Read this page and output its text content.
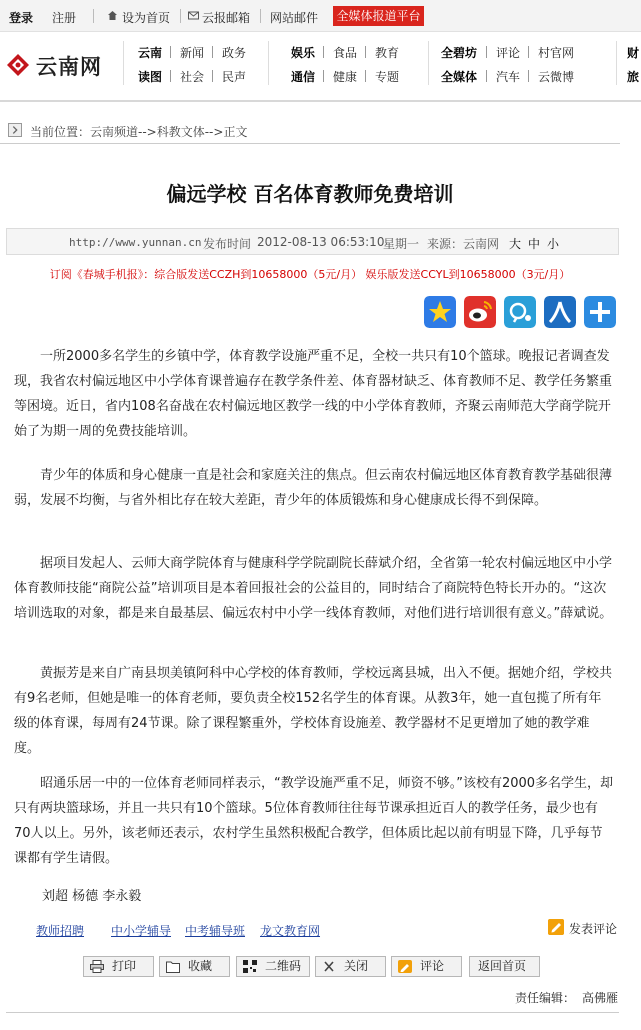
登录 注册	设为首页	云报邮箱 网站邮件 全媒体报道平台
云南网
云南 新闻 政务	娱乐 食品 教育	全碧坊 评论 村官网	财
读图 社会 民声	通信 健康 专题	全媒体 汽车 云微博	旅
当前位置：云南频道-->科教文体-->正文
偏远学校 百名体育教师免费培训
http://www.yunnan.cn 发布时间 2012-08-13 06:53:10
星期一 来源：云南网 大 中 小
订阅《春城手机报》：综合版发送CCZH到10658000（5元/月） 娱乐版发送CCYL到10658000（3元/月）

一所2000多名学生的乡镇中学，体育教学设施严重不足，全校一共只有10个篮球。晚报记者调查发现，我省农村偏远地区中小学体育课普遍存在教学条件差、体育器材缺乏、体育教师不足、教学任务繁重等困境。近日，省内108名奋战在农村偏远地区教学一线的中小学体育教师，齐聚云南师范大学商学院开始了为期一周的免费技能培训。

青少年的体质和身心健康一直是社会和家庭关注的焦点。但云南农村偏远地区体育教育教学基础很薄弱，发展不均衡，与省外相比存在较大差距，青少年的体质锻炼和身心健康成长得不到保障。

据项目发起人、云师大商学院体育与健康科学学院副院长薛斌介绍，全省第一轮农村偏远地区中小学体育教师技能“商院公益”培训项目是本着回报社会的公益目的，同时结合了商院特色特长开办的。“这次培训选取的对象，都是来自最基层、偏远农村中小学一线体育教师，对他们进行培训很有意义。”薛斌说。

黄振芳是来自广南县坝美镇阿科中心学校的体育教师，学校远离县城，出入不便。据她介绍，学校共有9名老师，但她是唯一的体育老师，要负责全校152名学生的体育课。从教3年，她一直包揽了所有年级的体育课，每周有24节课。除了课程繁重外，学校体育设施差、教学器材不足更增加了她的教学难度。

昭通乐居一中的一位体育老师同样表示，“教学设施严重不足，师资不够。”该校有2000多名学生，却只有两块篮球场，并且一共只有10个篮球。5位体育教师往往每节课承担近百人的教学任务，最少也有70人以上。另外，该老师还表示，农村学生虽然积极配合教学，但体质比起以前有明显下降，几乎每节课都有学生请假。

刘超 杨德 李永毅
教师招聘 中小学辅导 中考辅导班 龙文教育网	发表评论
打印	收藏	二维码	关闭	评论	返回首页
责任编辑： 高佛雁
